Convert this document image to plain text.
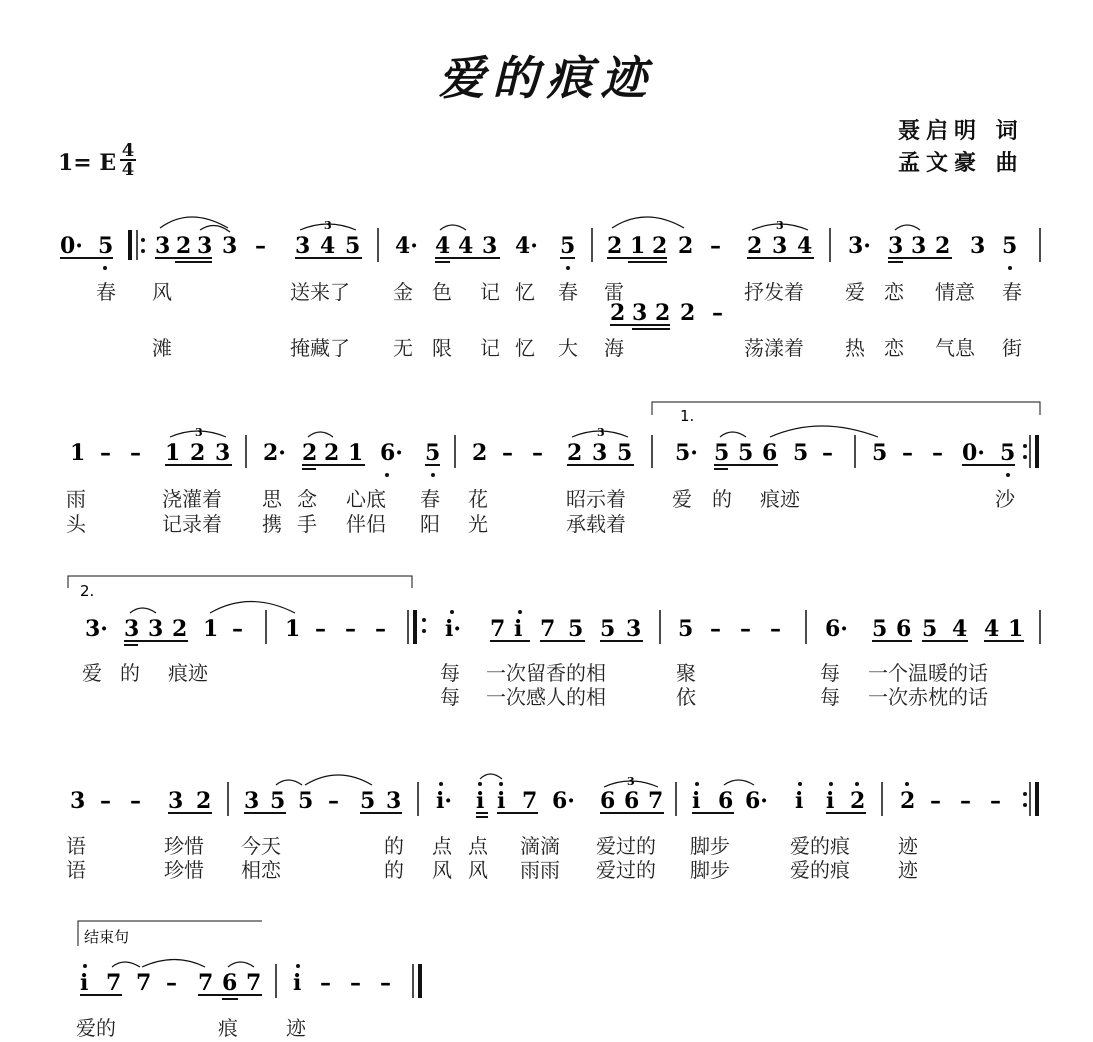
爱的痕迹
聂启明 词
孟文豪 曲
1= E 4
4
0· 5 3 2 3 3 – 3 4 5
3
4· 4 4 3 4· 5 2 1 2 2 – 2 3 4
3
3· 3 3 2 3 5
2 3 2 2 –
1 – – 1 2 3
3
2· 2 2 1 6· 5 2 – – 2 3 5
3
5· 5 5 6 5 – 5 – – 0· 5
3· 3 3 2 1 – 1 – – –	i· 7 i 7 5 5 3 5 – – – 6· 5 6 5 4 4 1
3 – – 3 2 3 5 5 – 5 3 i· i i 7 6· 6 6 7
3
i 6 6· i i 2 2 – – –
i 7 7 – 7 6 7 i – – –
1.
2.
结束句
春 风	送来了 金 色 记 忆 春 雷	抒发着 爱 恋 情意 春
滩	掩藏了 无 限 记 忆 大 海	荡漾着 热 恋 气息 街
雨	浇灌着 思 念 心底 春 花	昭示着 爱 的 痕迹	沙
头	记录着 携 手 伴侣 阳 光	承载着
爱 的 痕迹	每 一次留香的相	聚	每 一个温暖的话
每 一次感人的相	依	每 一次赤枕的话
语	珍惜 今天	的 点 点 滴滴 爱过的 脚步	爱的痕 迹
语	珍惜 相恋	的 风 风 雨雨 爱过的 脚步	爱的痕 迹
爱的	痕 迹
